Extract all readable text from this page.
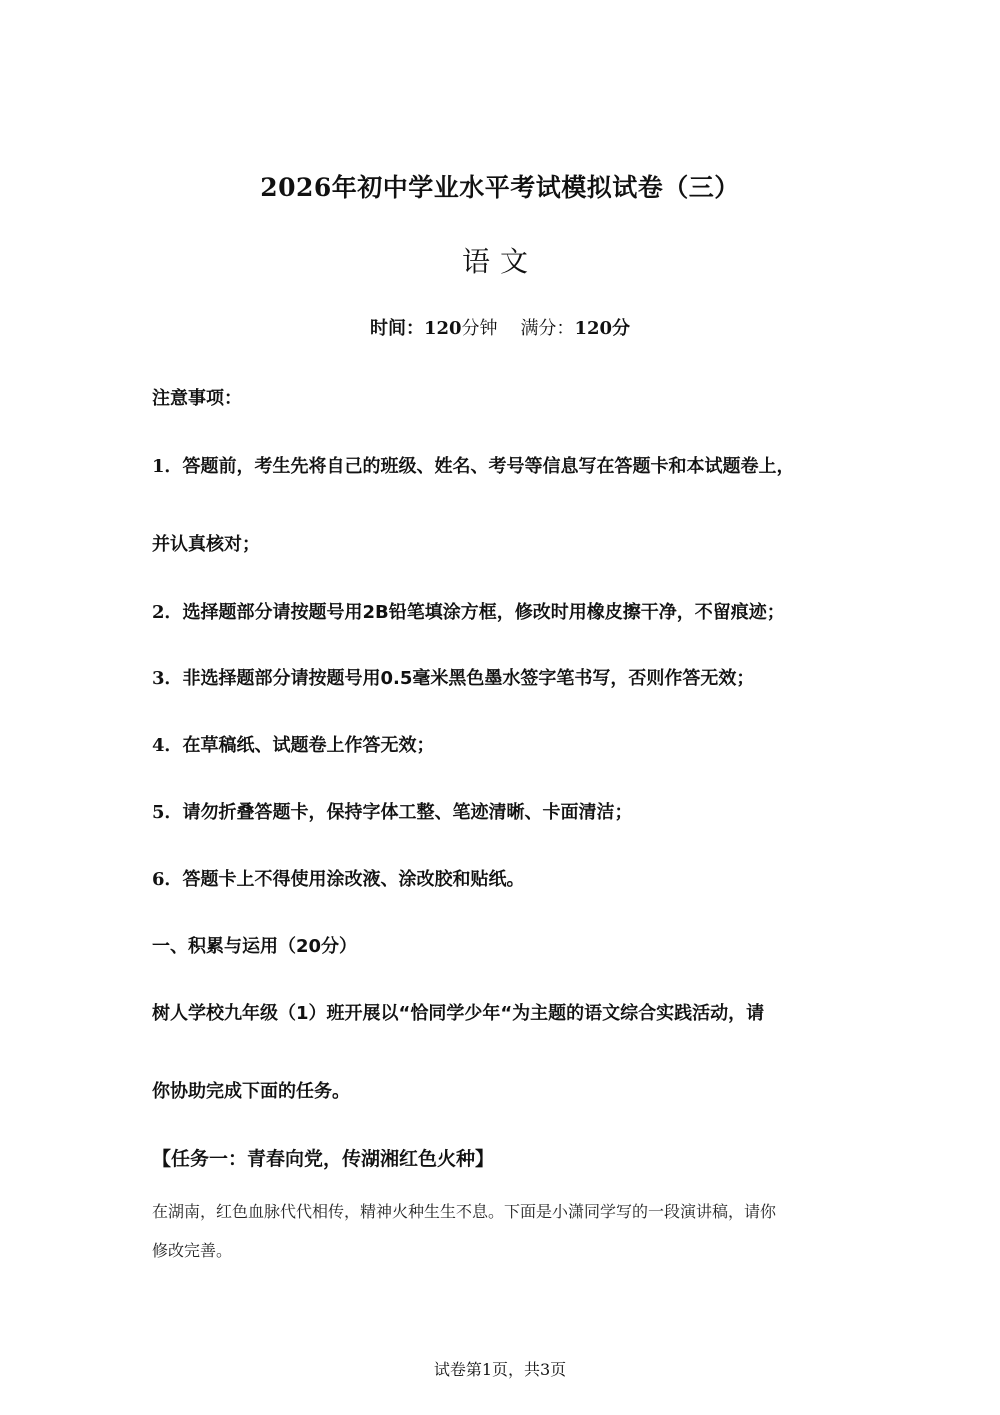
2026年初中学业水平考试模拟试卷（三）
语文
时间：120分钟 满分：120分
注意事项：
1．答题前，考生先将自己的班级、姓名、考号等信息写在答题卡和本试题卷上，
并认真核对；
2．选择题部分请按题号用2B铅笔填涂方框，修改时用橡皮擦干净，不留痕迹；
3．非选择题部分请按题号用0.5毫米黑色墨水签字笔书写，否则作答无效；
4．在草稿纸、试题卷上作答无效；
5．请勿折叠答题卡，保持字体工整、笔迹清晰、卡面清洁；
6．答题卡上不得使用涂改液、涂改胶和贴纸。
一、积累与运用（20分）
树人学校九年级（1）班开展以“恰同学少年“为主题的语文综合实践活动，请
你协助完成下面的任务。
【任务一：青春向党，传湖湘红色火种】
在湖南，红色血脉代代相传，精神火种生生不息。下面是小潇同学写的一段演讲稿，请你
修改完善。
试卷第1页，共3页
